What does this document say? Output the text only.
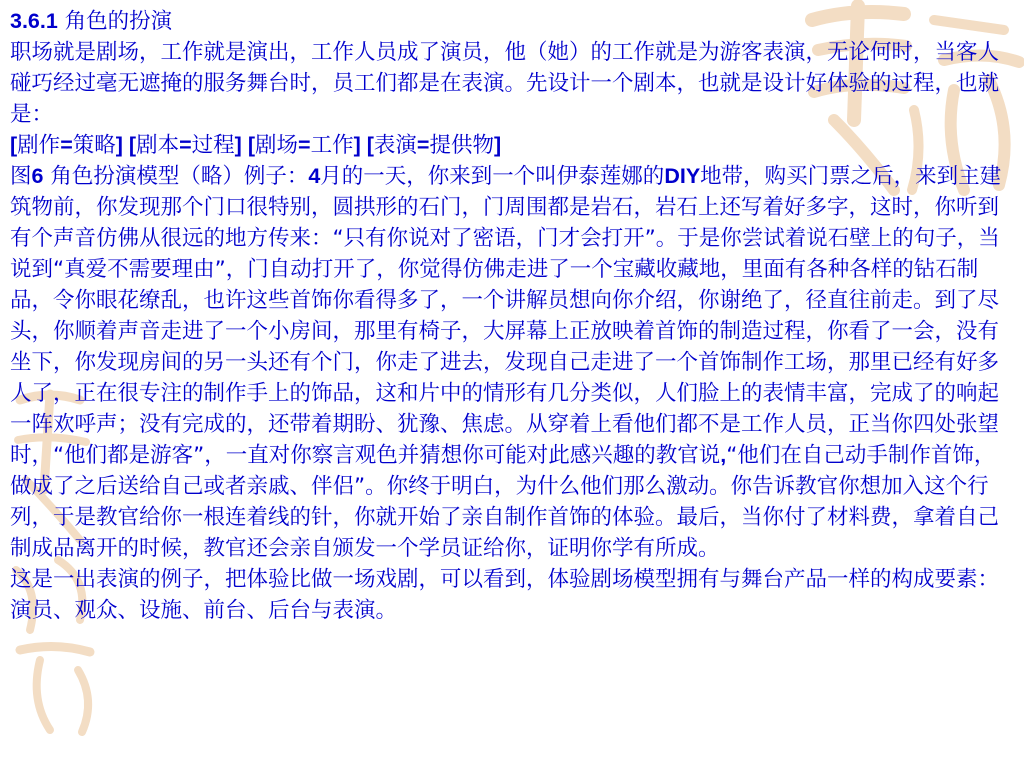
3.6.1 角色的扮演

职场就是剧场，工作就是演出，工作人员成了演员，他（她）的工作就是为游客表演，无论何时，当客人碰巧经过毫无遮掩的服务舞台时，员工们都是在表演。先设计一个剧本，也就是设计好体验的过程，也就是：

[剧作=策略] [剧本=过程] [剧场=工作] [表演=提供物]

图6 角色扮演模型（略）例子：4月的一天，你来到一个叫伊泰莲娜的DIY地带，购买门票之后，来到主建筑物前，你发现那个门口很特别，圆拱形的石门，门周围都是岩石，岩石上还写着好多字，这时，你听到有个声音仿佛从很远的地方传来：“只有你说对了密语，门才会打开”。于是你尝试着说石壁上的句子，当说到“真爱不需要理由”，门自动打开了，你觉得仿佛走进了一个宝藏收藏地，里面有各种各样的钻石制品，令你眼花缭乱，也许这些首饰你看得多了，一个讲解员想向你介绍，你谢绝了，径直往前走。到了尽头，你顺着声音走进了一个小房间，那里有椅子，大屏幕上正放映着首饰的制造过程，你看了一会，没有坐下，你发现房间的另一头还有个门，你走了进去，发现自己走进了一个首饰制作工场，那里已经有好多人了，正在很专注的制作手上的饰品，这和片中的情形有几分类似，人们脸上的表情丰富，完成了的响起一阵欢呼声；没有完成的，还带着期盼、犹豫、焦虑。从穿着上看他们都不是工作人员，正当你四处张望时，“他们都是游客”，一直对你察言观色并猜想你可能对此感兴趣的教官说,“他们在自己动手制作首饰，做成了之后送给自己或者亲戚、伴侣”。你终于明白，为什么他们那么激动。你告诉教官你想加入这个行列，于是教官给你一根连着线的针，你就开始了亲自制作首饰的体验。最后，当你付了材料费，拿着自己制成品离开的时候，教官还会亲自颁发一个学员证给你，证明你学有所成。

这是一出表演的例子，把体验比做一场戏剧，可以看到，体验剧场模型拥有与舞台产品一样的构成要素：演员、观众、设施、前台、后台与表演。
